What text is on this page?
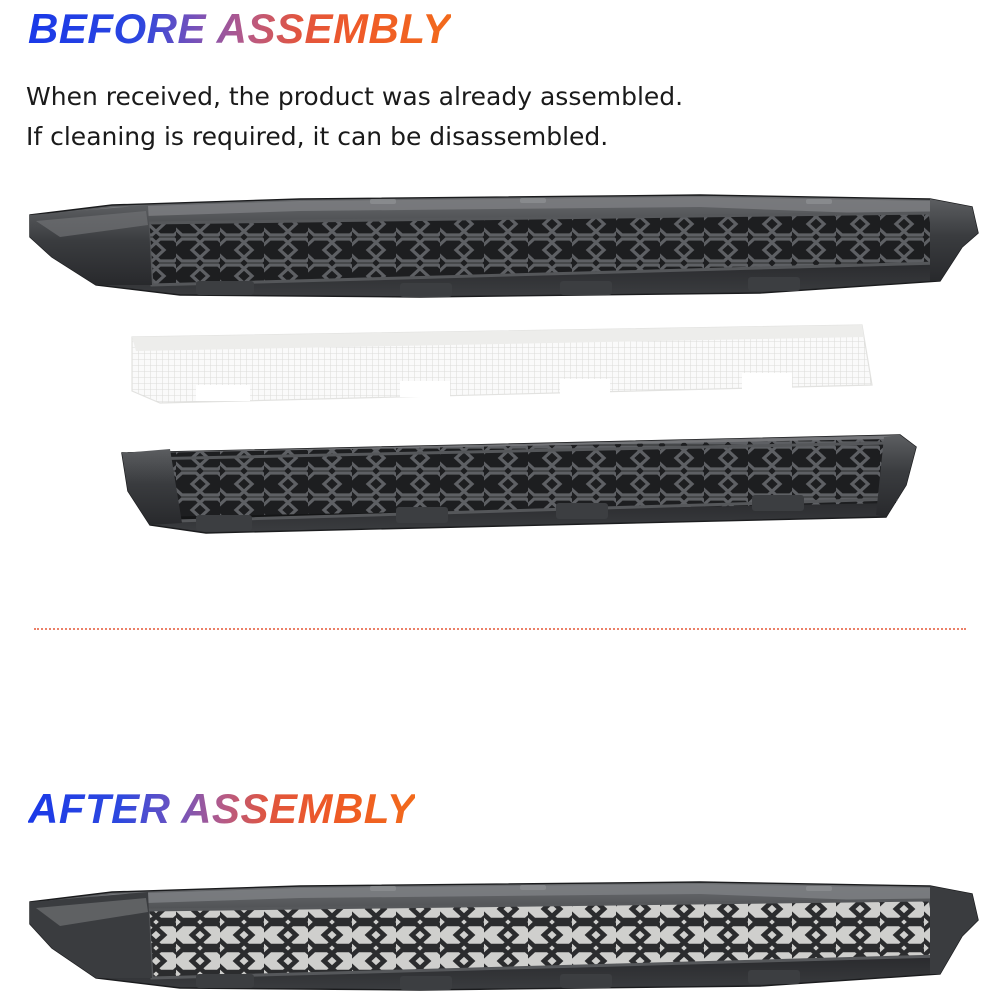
BEFORE ASSEMBLY
When received, the product was already assembled.
If cleaning is required, it can be disassembled.
AFTER ASSEMBLY
